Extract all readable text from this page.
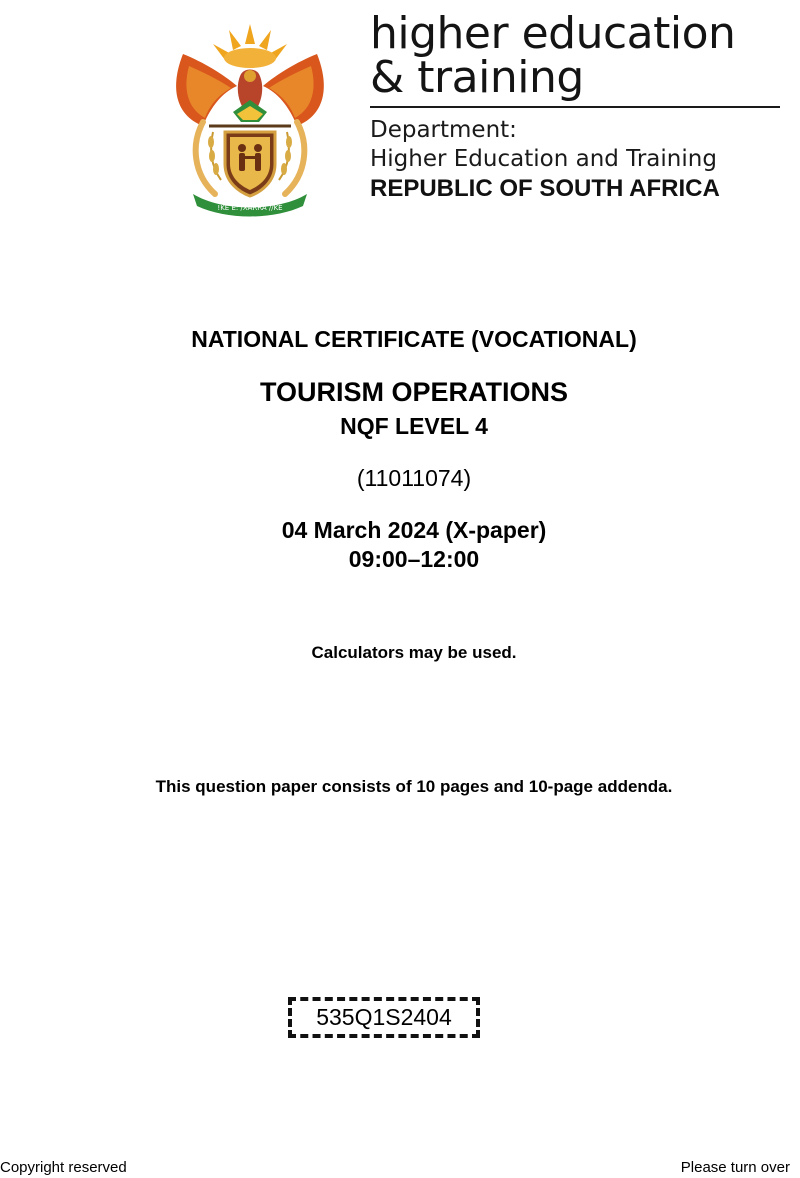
!KE E: /XARRA //KE
higher education
& training
Department:
Higher Education and Training
REPUBLIC OF SOUTH AFRICA
NATIONAL CERTIFICATE (VOCATIONAL)
TOURISM OPERATIONS
NQF LEVEL 4
(11011074)
04 March 2024 (X-paper)
09:00–12:00
Calculators may be used.
This question paper consists of 10 pages and 10-page addenda.
535Q1S2404
Copyright reserved	Please turn over
